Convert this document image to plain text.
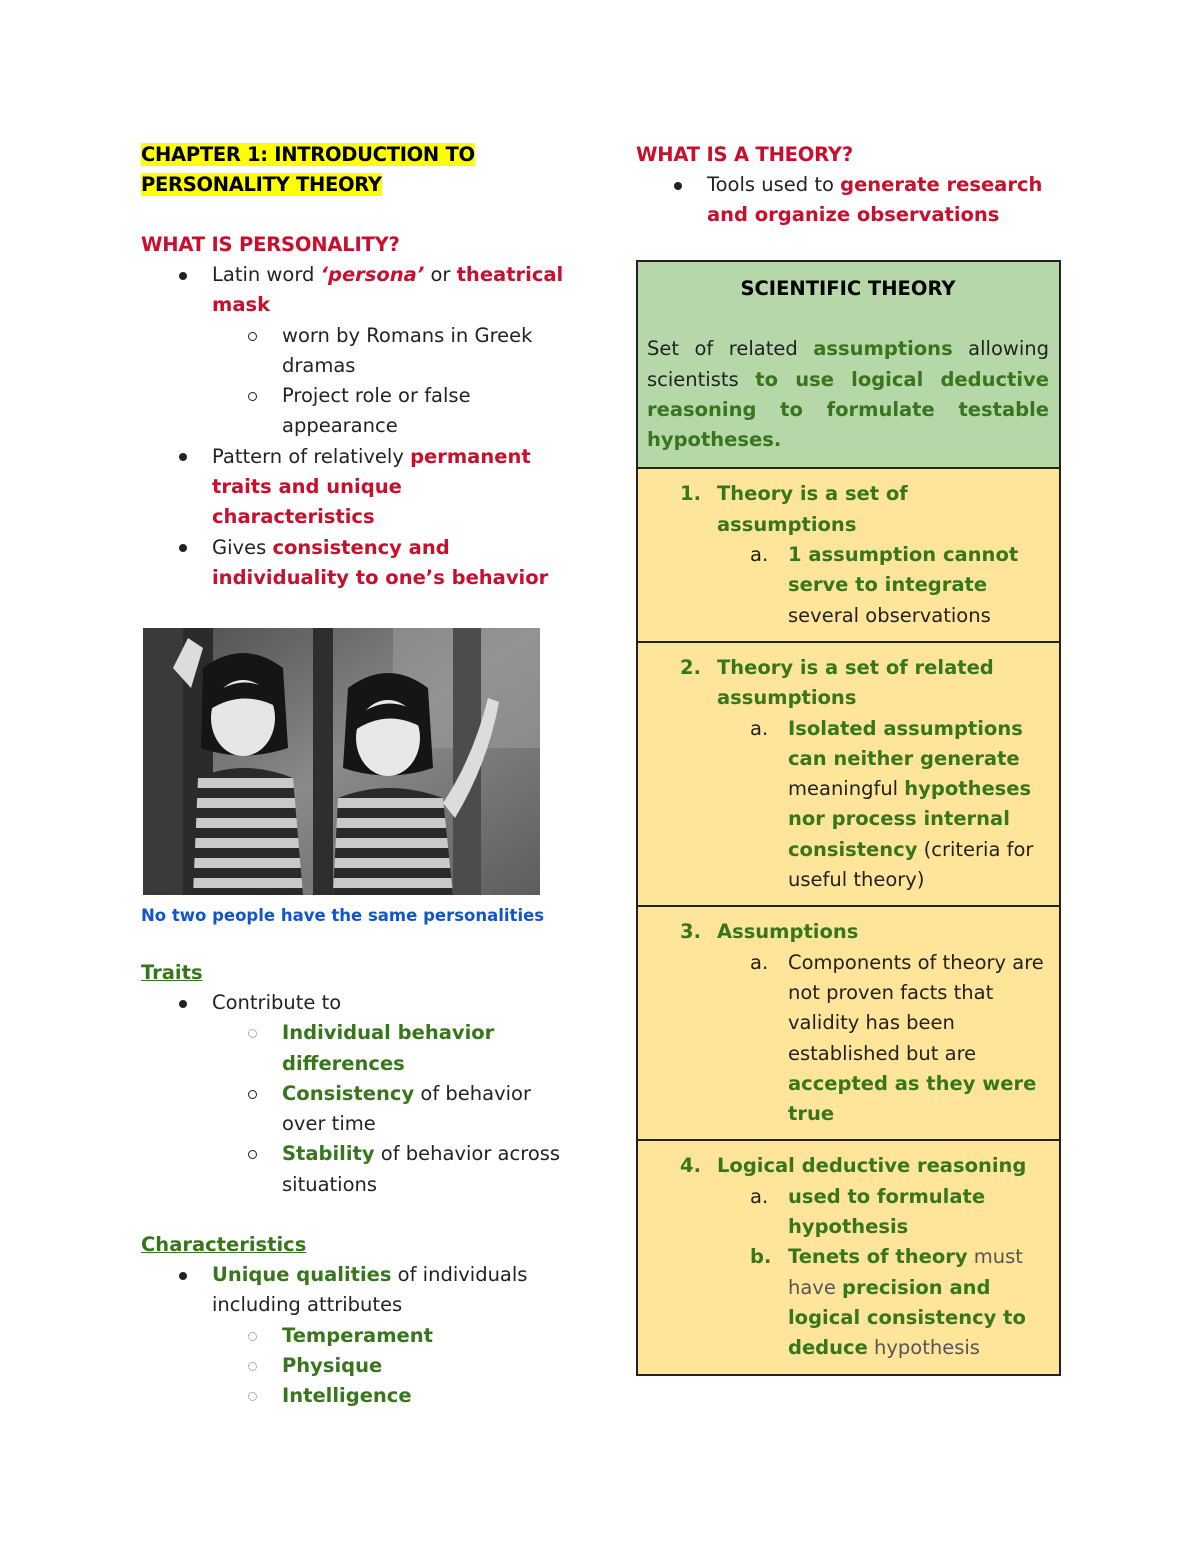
CHAPTER 1: INTRODUCTION TO
PERSONALITY THEORY
WHAT IS PERSONALITY?
Latin word ‘persona’ or theatrical mask
worn by Romans in Greek dramas
Project role or false appearance
Pattern of relatively permanent traits and unique characteristics
Gives consistency and individuality to one’s behavior
No two people have the same personalities
Traits
Contribute to
Individual behavior differences
Consistency of behavior over time
Stability of behavior across situations
Characteristics
Unique qualities of individuals including attributes
Temperament
Physique
Intelligence
WHAT IS A THEORY?
Tools used to generate research and organize observations
SCIENTIFIC THEORY
Set of related assumptions allowing scientists to use logical deductive reasoning to formulate testable hypotheses.

1. Theory is a set of assumptions
a. 1 assumption cannot serve to integrate several observations

2. Theory is a set of related assumptions
a. Isolated assumptions can neither generate meaningful hypotheses nor process internal consistency (criteria for useful theory)

3. Assumptions
a. Components of theory are not proven facts that validity has been established but are accepted as they were true

4. Logical deductive reasoning
a. used to formulate hypothesis
b. Tenets of theory must have precision and logical consistency to deduce hypothesis
